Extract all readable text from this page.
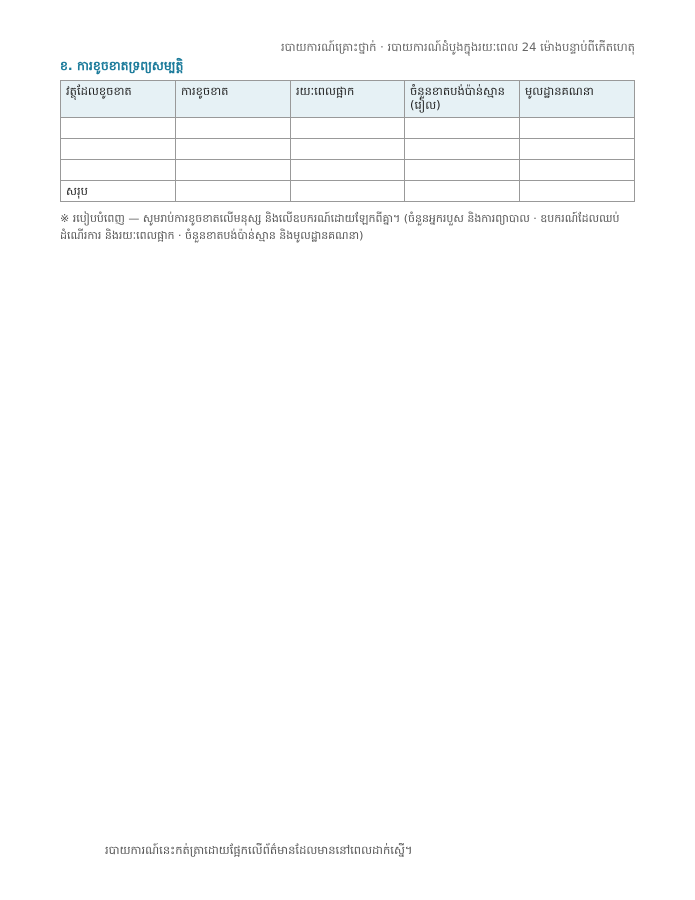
របាយការណ៍គ្រោះថ្នាក់ · របាយការណ៍ដំបូងក្នុងរយៈពេល 24 ម៉ោងបន្ទាប់ពីកើតហេតុ
ខ. ការខូចខាតទ្រព្យសម្បត្តិ
វត្ថុដែលខូចខាត	ការខូចខាត	រយៈពេលផ្អាក	ចំនួនខាតបង់ប៉ាន់ស្មាន (រៀល)	មូលដ្ឋានគណនា

សរុប				
※ របៀបបំពេញ — សូមរាប់ការខូចខាតលើមនុស្ស និងលើឧបករណ៍ដោយឡែកពីគ្នា។ (ចំនួនអ្នករបួស និងការព្យាបាល · ឧបករណ៍ដែលឈប់ដំណើរការ និងរយៈពេលផ្អាក · ចំនួនខាតបង់ប៉ាន់ស្មាន និងមូលដ្ឋានគណនា)
របាយការណ៍នេះកត់ត្រាដោយផ្អែកលើព័ត៌មានដែលមាននៅពេលដាក់ស្នើ។
